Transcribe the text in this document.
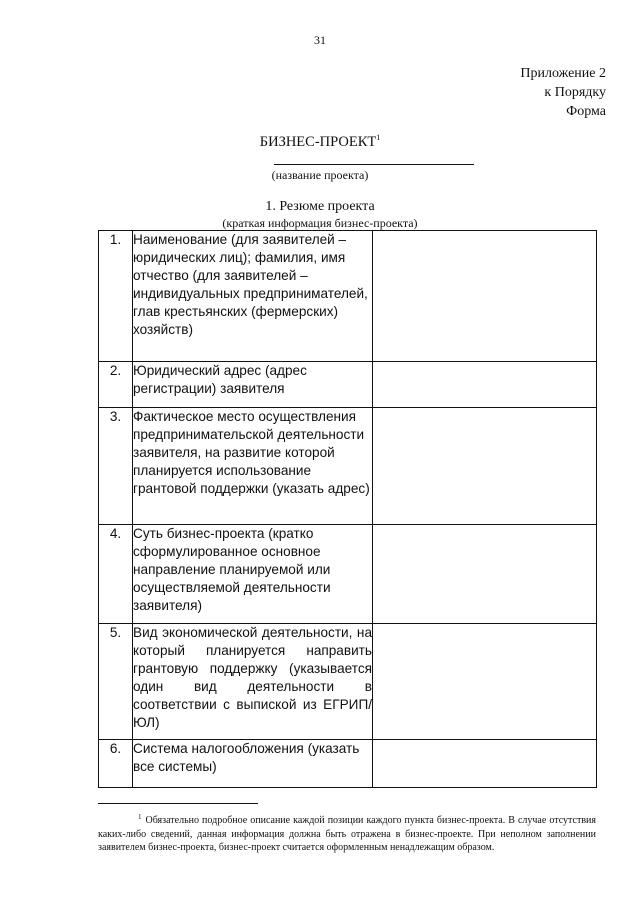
31
Приложение 2
к Порядку
Форма
БИЗНЕС-ПРОЕКТ$^1$
(название проекта)
1. Резюме проекта
(краткая информация бизнес-проекта)
1.	Наименование (для заявителей – юридических лиц); фамилия, имя отчество (для заявителей – индивидуальных предпринимателей, глав крестьянских (фермерских) хозяйств)	
2.	Юридический адрес (адрес регистрации) заявителя	
3.	Фактическое место осуществления предпринимательской деятельности заявителя, на развитие которой планируется использование грантовой поддержки (указать адрес)	
4.	Суть бизнес-проекта (кратко сформулированное основное направление планируемой или осуществляемой деятельности заявителя)	
5.	Вид экономической деятельности, на который планируется направить грантовую поддержку (указывается один вид деятельности в соответствии с выпиской из ЕГРИП/ЮЛ)	
6.	Система налогообложения (указать все системы)	
$^1$ Обязательно подробное описание каждой позиции каждого пункта бизнес-проекта. В случае отсутствия каких-либо сведений, данная информация должна быть отражена в бизнес-проекте. При неполном заполнении заявителем бизнес-проекта, бизнес-проект считается оформленным ненадлежащим образом.
